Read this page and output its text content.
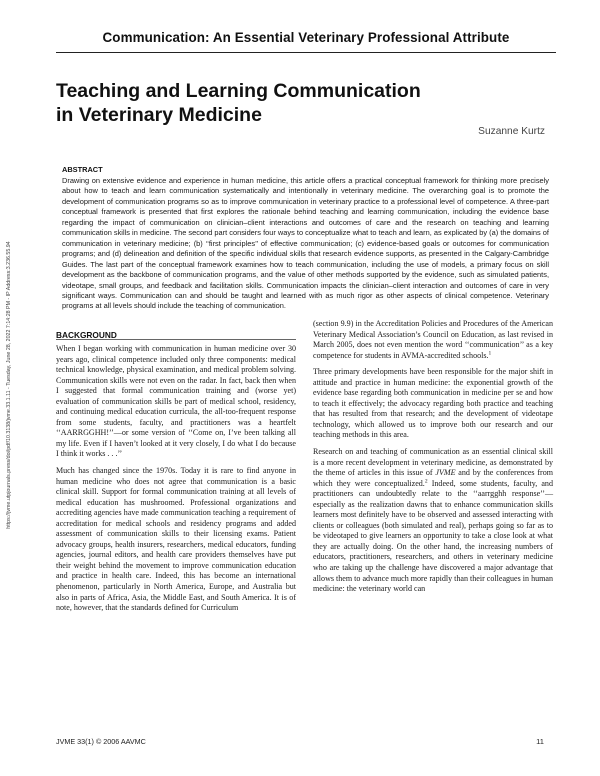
https://jvme.utpjournals.press/doi/pdf/10.3138/jvme.33.1.11 - Tuesday, June 28, 2022 7:14:28 PM - IP Address:3.236.55.94
Communication: An Essential Veterinary Professional Attribute
Teaching and Learning Communication
in Veterinary Medicine
Suzanne Kurtz
ABSTRACT

Drawing on extensive evidence and experience in human medicine, this article offers a practical conceptual framework for thinking more precisely about how to teach and learn communication systematically and intentionally in veterinary medicine. The overarching goal is to promote the development of communication programs so as to improve communication in veterinary practice to a professional level of competence. A three-part conceptual framework is presented that first explores the rationale behind teaching and learning communication, including the evidence base regarding the impact of communication on clinician–client interactions and outcomes of care and the research on teaching and learning communication skills in medicine. The second part considers four ways to conceptualize what to teach and learn, as explicated by (a) the domains of communication in veterinary medicine; (b) ‘‘first principles’’ of effective communication; (c) evidence-based goals or outcomes for communication programs; and (d) delineation and definition of the specific individual skills that research evidence supports, as presented in the Calgary-Cambridge Guides. The last part of the conceptual framework examines how to teach communication, including the use of models, a primary focus on skill development as the backbone of communication programs, and the value of other methods supported by the evidence, such as simulated patients, videotape, small groups, and feedback and facilitation skills. Communication impacts the clinician–client interaction and outcomes of care in very significant ways. Communication can and should be taught and learned with as much rigor as other aspects of clinical competence. Veterinary programs at all levels should include the teaching of communication.

BACKGROUND

When I began working with communication in human medicine over 30 years ago, clinical competence included only three components: medical technical knowledge, physical examination, and medical problem solving. Communication skills were not even on the radar. In fact, back then when I suggested that formal communication training and (worse yet) evaluation of communication skills be part of medical school, residency, and continuing medical education curricula, the all-too-frequent response from some students, faculty, and practitioners was a heartfelt ‘‘AARRGGHH!’’—or some version of ‘‘Come on, I’ve been talking all my life. Even if I haven’t looked at it very closely, I do what I do because I think it works . . .’’

Much has changed since the 1970s. Today it is rare to find anyone in human medicine who does not agree that communication is a basic clinical skill. Support for formal communication training at all levels of medical education has mushroomed. Professional organizations and accrediting agencies have made communication teaching a requirement of accreditation for medical schools and residency programs and added assessment of communication skills to their licensing exams. Patient advocacy groups, health insurers, researchers, medical educators, funding agencies, journal editors, and health care providers themselves have put their weight behind the movement to improve communication education and practice in health care. Indeed, this has become an international phenomenon, particularly in North America, Europe, and Australia but also in parts of Africa, Asia, the Middle East, and South America. It is of note, however, that the standards defined for Curriculum

(section 9.9) in the Accreditation Policies and Procedures of the American Veterinary Medical Association’s Council on Education, as last revised in March 2005, does not even mention the word ‘‘communication’’ as a key competence for students in AVMA-accredited schools.$^1$

Three primary developments have been responsible for the major shift in attitude and practice in human medicine: the exponential growth of the evidence base regarding both communication in medicine per se and how to teach it effectively; the advocacy regarding both practice and teaching that has resulted from that research; and the development of videotape technology, which allowed us to improve both our research and our teaching methods in this area.

Research on and teaching of communication as an essential clinical skill is a more recent development in veterinary medicine, as demonstrated by the theme of articles in this issue of JVME and by the conferences from which they were conceptualized.$^2$ Indeed, some students, faculty, and practitioners can undoubtedly relate to the ‘‘aarrgghh response’’—especially as the realization dawns that to enhance communication skills learners most definitely have to be observed and assessed interacting with clients or colleagues (both simulated and real), perhaps going so far as to be videotaped to give learners an opportunity to take a close look at what they are actually doing. On the other hand, the increasing numbers of educators, practitioners, researchers, and others in veterinary medicine who are taking up the challenge have discovered a major advantage that allows them to advance much more rapidly than their colleagues in human medicine: the veterinary world can

JVME 33(1) © 2006 AAVMC	11
